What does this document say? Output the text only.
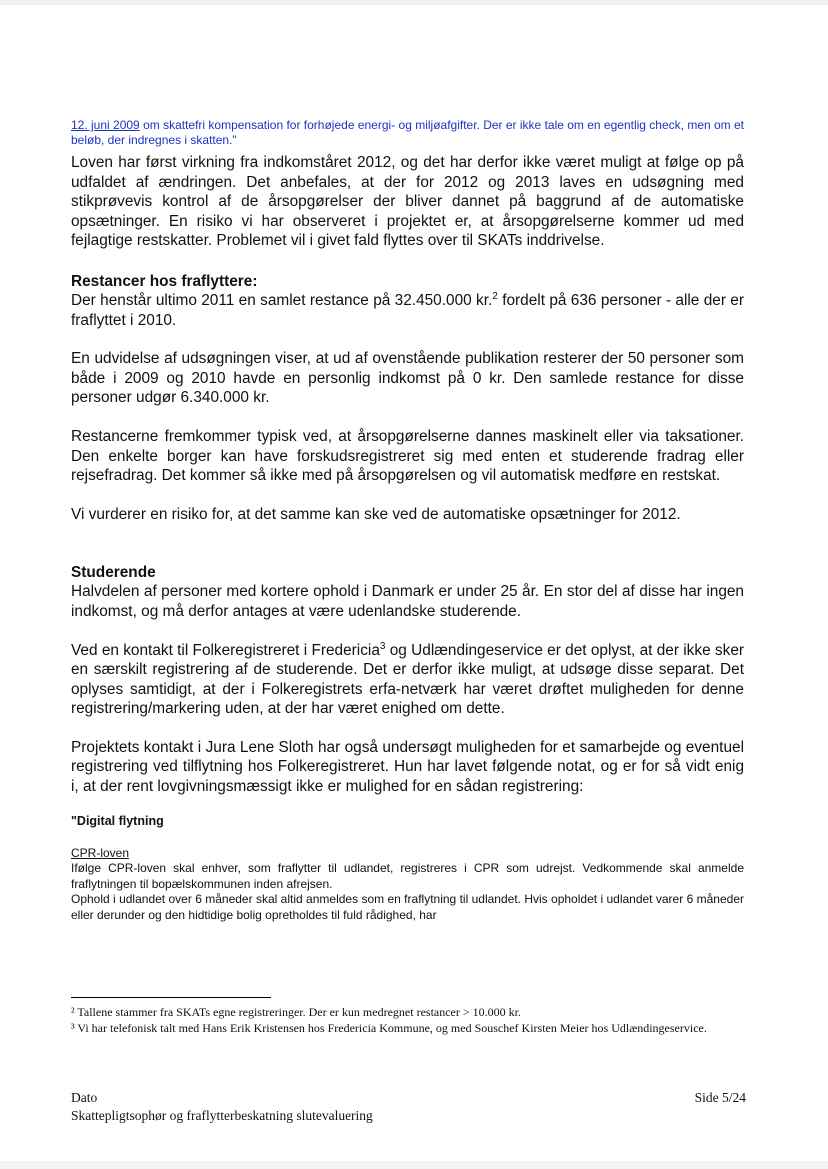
12. juni 2009 om skattefri kompensation for forhøjede energi- og miljøafgifter. Der er ikke tale om en egentlig check, men om et beløb, der indregnes i skatten."

Loven har først virkning fra indkomståret 2012, og det har derfor ikke været muligt at følge op på udfaldet af ændringen. Det anbefales, at der for 2012 og 2013 laves en udsøgning med stikprøvevis kontrol af de årsopgørelser der bliver dannet på baggrund af de automatiske opsætninger. En risiko vi har observeret i projektet er, at årsopgørelserne kommer ud med fejlagtige restskatter. Problemet vil i givet fald flyttes over til SKATs inddrivelse.

Restancer hos fraflyttere:

Der henstår ultimo 2011 en samlet restance på 32.450.000 kr.$^2$ fordelt på 636 personer - alle der er fraflyttet i 2010.

En udvidelse af udsøgningen viser, at ud af ovenstående publikation resterer der 50 personer som både i 2009 og 2010 havde en personlig indkomst på 0 kr. Den samlede restance for disse personer udgør 6.340.000 kr.

Restancerne fremkommer typisk ved, at årsopgørelserne dannes maskinelt eller via taksationer. Den enkelte borger kan have forskudsregistreret sig med enten et studerende fradrag eller rejsefradrag. Det kommer så ikke med på årsopgørelsen og vil automatisk medføre en restskat.

Vi vurderer en risiko for, at det samme kan ske ved de automatiske opsætninger for 2012.

Studerende

Halvdelen af personer med kortere ophold i Danmark er under 25 år. En stor del af disse har ingen indkomst, og må derfor antages at være udenlandske studerende.

Ved en kontakt til Folkeregistreret i Fredericia$^3$ og Udlændingeservice er det oplyst, at der ikke sker en særskilt registrering af de studerende. Det er derfor ikke muligt, at udsøge disse separat. Det oplyses samtidigt, at der i Folkeregistrets erfa-netværk har været drøftet muligheden for denne registrering/markering uden, at der har været enighed om dette.

Projektets kontakt i Jura Lene Sloth har også undersøgt muligheden for et samarbejde og eventuel registrering ved tilflytning hos Folkeregistreret. Hun har lavet følgende notat, og er for så vidt enig i, at der rent lovgivningsmæssigt ikke er mulighed for en sådan registrering:

"Digital flytning

CPR-loven

Ifølge CPR-loven skal enhver, som fraflytter til udlandet, registreres i CPR som udrejst. Vedkommende skal anmelde fraflytningen til bopælskommunen inden afrejsen.

Ophold i udlandet over 6 måneder skal altid anmeldes som en fraflytning til udlandet. Hvis opholdet i udlandet varer 6 måneder eller derunder og den hidtidige bolig opretholdes til fuld rådighed, har

² Tallene stammer fra SKATs egne registreringer. Der er kun medregnet restancer > 10.000 kr.

³ Vi har telefonisk talt med Hans Erik Kristensen hos Fredericia Kommune, og med Souschef Kirsten Meier hos Udlændingeservice.

Dato	Side 5/24
Skattepligtsophør og fraflytterbeskatning slutevaluering
